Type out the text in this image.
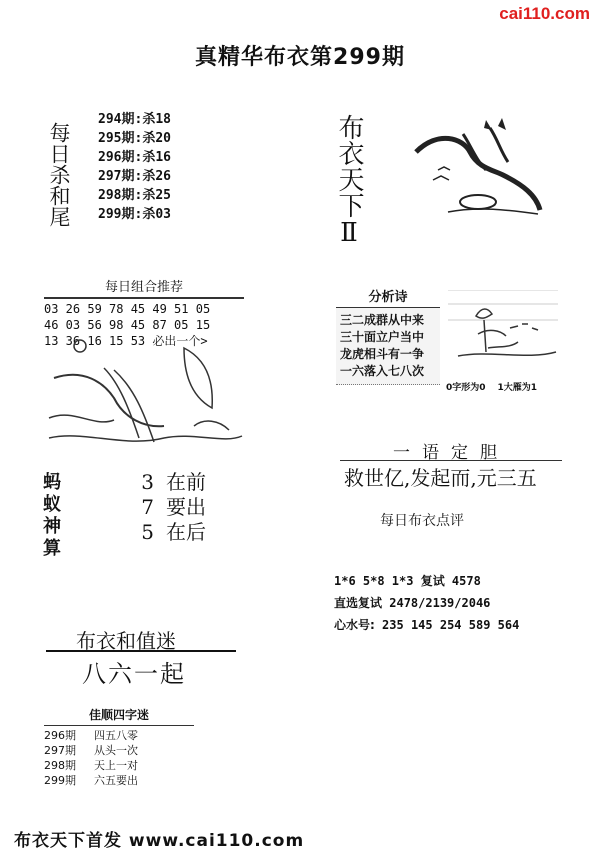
cai110.com
真精华布衣第299期
每日杀和尾
294期:杀18
295期:杀20
296期:杀16
297期:杀26
298期:杀25
299期:杀03	布衣天下Ⅱ
每日组合推荐
03 26 59 78 45 49 51 05
46 03 56 98 45 87 05 15
13 36 16 15 53 必出一个>
蚂蚁神算
3 在前
7 要出
5 在后
分析诗
三二成群从中来
三十面立户当中
龙虎相斗有一争
一六落入七八次
0字形为0 1大雁为1
一语定胆
救世亿,发起而,元三五
每日布衣点评
1*6 5*8 1*3 复试 4578
直选复试 2478/2139/2046
心水号: 235 145 254 589 564
布衣和值迷
八六一起
佳顺四字迷
296期 四五八零
297期 从头一次
298期 天上一对
299期 六五要出
布衣天下首发 www.cai110.com
